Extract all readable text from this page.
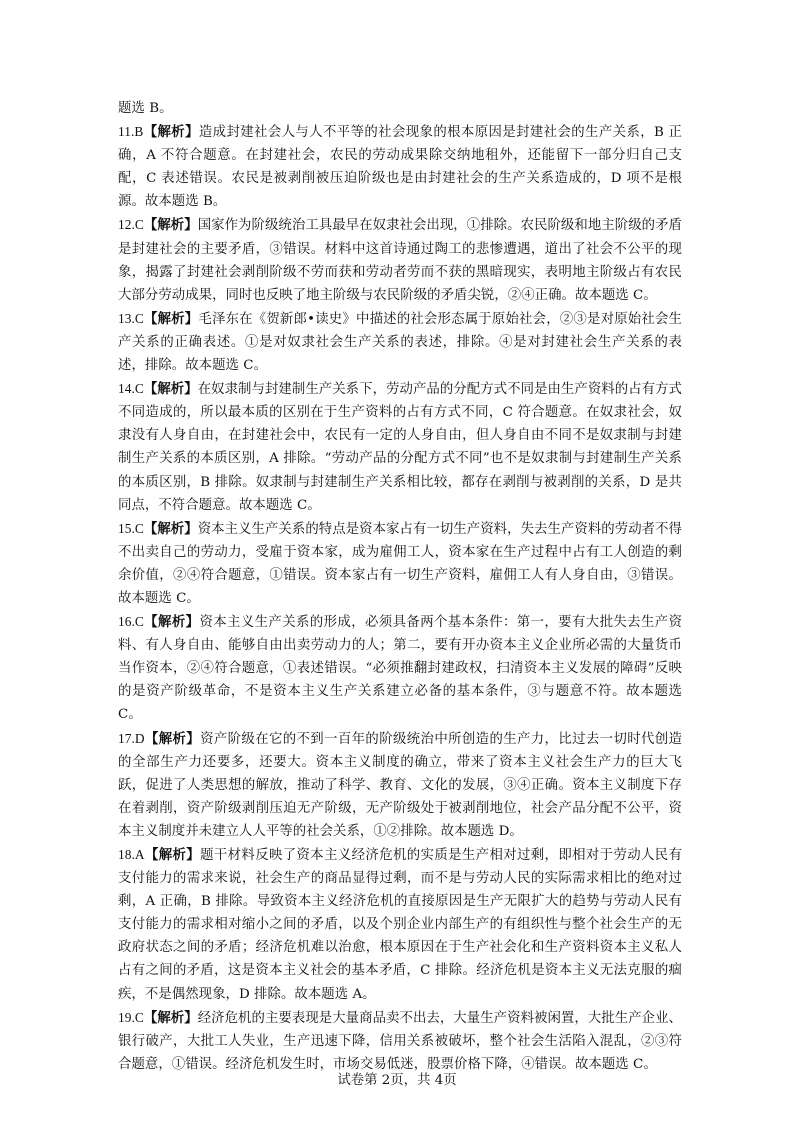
题选 B。

11.B【解析】造成封建社会人与人不平等的社会现象的根本原因是封建社会的生产关系，B 正确，A 不符合题意。在封建社会，农民的劳动成果除交纳地租外，还能留下一部分归自己支配，C 表述错误。农民是被剥削被压迫阶级也是由封建社会的生产关系造成的，D 项不是根源。故本题选 B。

12.C【解析】国家作为阶级统治工具最早在奴隶社会出现，①排除。农民阶级和地主阶级的矛盾是封建社会的主要矛盾，③错误。材料中这首诗通过陶工的悲惨遭遇，道出了社会不公平的现象，揭露了封建社会剥削阶级不劳而获和劳动者劳而不获的黑暗现实，表明地主阶级占有农民大部分劳动成果，同时也反映了地主阶级与农民阶级的矛盾尖锐，②④正确。故本题选 C。

13.C【解析】毛泽东在《贺新郎•读史》中描述的社会形态属于原始社会，②③是对原始社会生产关系的正确表述。①是对奴隶社会生产关系的表述，排除。④是对封建社会生产关系的表述，排除。故本题选 C。

14.C【解析】在奴隶制与封建制生产关系下，劳动产品的分配方式不同是由生产资料的占有方式不同造成的，所以最本质的区别在于生产资料的占有方式不同，C 符合题意。在奴隶社会，奴隶没有人身自由，在封建社会中，农民有一定的人身自由，但人身自由不同不是奴隶制与封建制生产关系的本质区别，A 排除。“劳动产品的分配方式不同”也不是奴隶制与封建制生产关系的本质区别，B 排除。奴隶制与封建制生产关系相比较，都存在剥削与被剥削的关系，D 是共同点，不符合题意。故本题选 C。

15.C【解析】资本主义生产关系的特点是资本家占有一切生产资料，失去生产资料的劳动者不得不出卖自己的劳动力，受雇于资本家，成为雇佣工人，资本家在生产过程中占有工人创造的剩余价值，②④符合题意，①错误。资本家占有一切生产资料，雇佣工人有人身自由，③错误。故本题选 C。

16.C【解析】资本主义生产关系的形成，必须具备两个基本条件：第一，要有大批失去生产资料、有人身自由、能够自由出卖劳动力的人；第二，要有开办资本主义企业所必需的大量货币当作资本，②④符合题意，①表述错误。“必须推翻封建政权，扫清资本主义发展的障碍”反映的是资产阶级革命，不是资本主义生产关系建立必备的基本条件，③与题意不符。故本题选 C。

17.D【解析】资产阶级在它的不到一百年的阶级统治中所创造的生产力，比过去一切时代创造的全部生产力还要多，还要大。资本主义制度的确立，带来了资本主义社会生产力的巨大飞跃，促进了人类思想的解放，推动了科学、教育、文化的发展，③④正确。资本主义制度下存在着剥削，资产阶级剥削压迫无产阶级，无产阶级处于被剥削地位，社会产品分配不公平，资本主义制度并未建立人人平等的社会关系，①②排除。故本题选 D。

18.A【解析】题干材料反映了资本主义经济危机的实质是生产相对过剩，即相对于劳动人民有支付能力的需求来说，社会生产的商品显得过剩，而不是与劳动人民的实际需求相比的绝对过剩，A 正确，B 排除。导致资本主义经济危机的直接原因是生产无限扩大的趋势与劳动人民有支付能力的需求相对缩小之间的矛盾，以及个别企业内部生产的有组织性与整个社会生产的无政府状态之间的矛盾；经济危机难以治愈，根本原因在于生产社会化和生产资料资本主义私人占有之间的矛盾，这是资本主义社会的基本矛盾，C 排除。经济危机是资本主义无法克服的痼疾，不是偶然现象，D 排除。故本题选 A。

19.C【解析】经济危机的主要表现是大量商品卖不出去，大量生产资料被闲置，大批生产企业、银行破产，大批工人失业，生产迅速下降，信用关系被破坏，整个社会生活陷入混乱，②③符合题意，①错误。经济危机发生时，市场交易低迷，股票价格下降，④错误。故本题选 C。

试卷第 2页，共 4页
